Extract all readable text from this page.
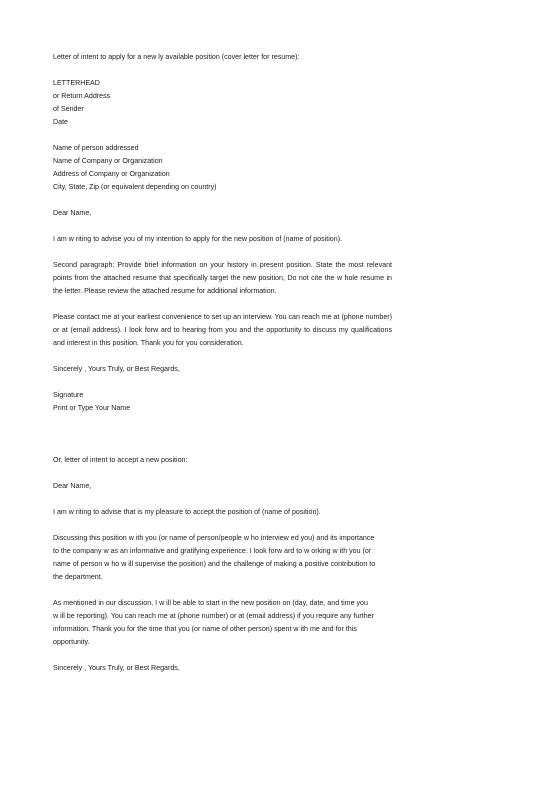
Letter of intent to apply for a new ly available position (cover letter for resume):

LETTERHEAD
or Return Address
of Sender
Date

Name of person addressed
Name of Company or Organization
Address of Company or Organization
City, State, Zip (or equivalent depending on country)

Dear Name,

I am w riting to advise you of my intention to apply for the new position of (name of position).

Second paragraph: Provide brief information on your history in present position. State the most relevant points from the attached resume that specifically target the new position, Do not cite the w hole resume in the letter. Please review the attached resume for additional information.

Please contact me at your earliest convenience to set up an interview. You can reach me at (phone number) or at (email address). I look forw ard to hearing from you and the opportunity to discuss my qualifications and interest in this position. Thank you for you consideration.

Sincerely , Yours Truly, or Best Regards,

Signature
Print or Type Your Name

Or, letter of intent to accept a new position:

Dear Name,

I am w riting to advise that is my pleasure to accept the position of (name of position).

Discussing this position w ith you (or name of person/people w ho interview ed you) and its importance
to the company w as an informative and gratifying experience. I look forw ard to w orking w ith you (or
name of person w ho w ill supervise the position) and the challenge of making a positive contribution to
the department.

As mentioned in our discussion, I w ill be able to start in the new position on (day, date, and time you
w ill be reporting). You can reach me at (phone number) or at (email address) if you require any further
information. Thank you for the time that you (or name of other person) spent w ith me and for this
opportunity.

Sincerely , Yours Truly, or Best Regards,
